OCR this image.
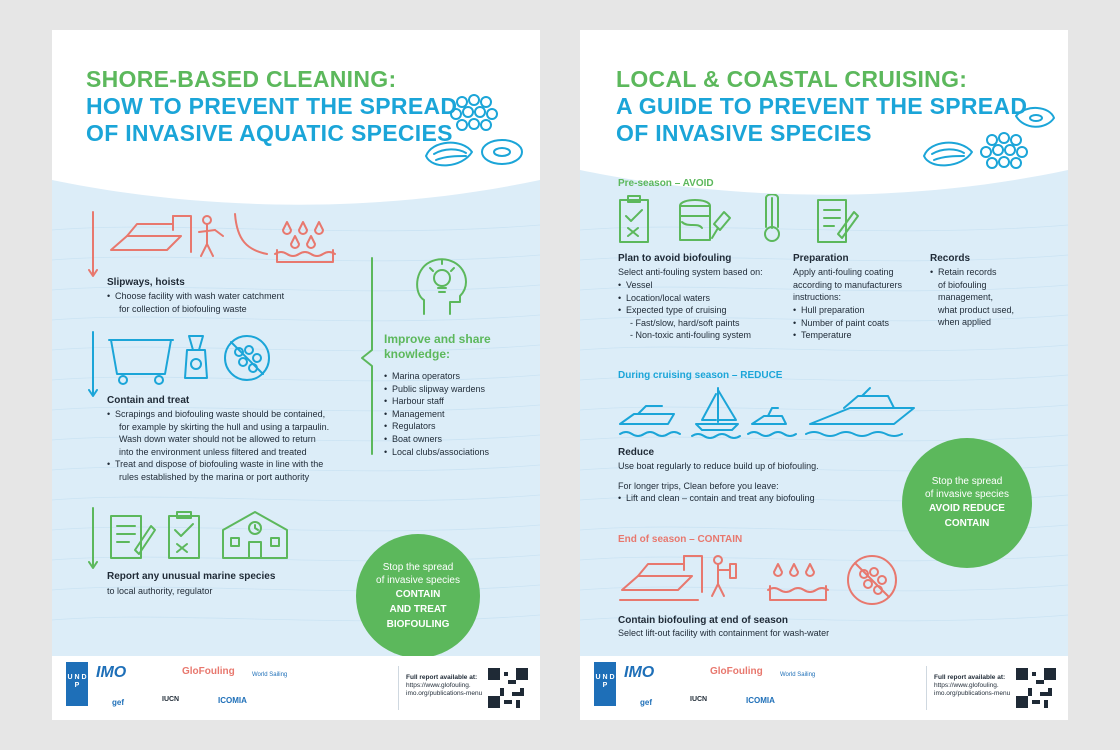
SHORE-BASED CLEANING:
HOW TO PREVENT THE SPREAD
OF INVASIVE AQUATIC SPECIES
Slipways, hoists
• Choose facility with wash water catchment
for collection of biofouling waste
Contain and treat
• Scrapings and biofouling waste should be contained,
for example by skirting the hull and using a tarpaulin.
Wash down water should not be allowed to return
into the environment unless filtered and treated
• Treat and dispose of biofouling waste in line with the
rules established by the marina or port authority
Improve and share
knowledge:
• Marina operators
• Public slipway wardens
• Harbour staff
• Management
• Regulators
• Boat owners
• Local clubs/associations
Report any unusual marine species
to local authority, regulator
Stop the spread
of invasive species
CONTAIN
AND TREAT
BIOFOULING
U N D P
IMO	GloFouling	World Sailing
gef	IUCN	ICOMIA
Full report available at:
https://www.glofouling.
imo.org/publications-menu
LOCAL & COASTAL CRUISING:
A GUIDE TO PREVENT THE SPREAD
OF INVASIVE SPECIES
Pre-season – AVOID
Plan to avoid biofouling
Select anti-fouling system based on:
• Vessel
• Location/local waters
• Expected type of cruising
- Fast/slow, hard/soft paints
- Non-toxic anti-fouling system
Preparation
Apply anti-fouling coating
according to manufacturers
instructions:
• Hull preparation
• Number of paint coats
• Temperature
Records
• Retain records
of biofouling
management,
what product used,
when applied
During cruising season – REDUCE
Reduce
Use boat regularly to reduce build up of biofouling.
For longer trips, Clean before you leave:
• Lift and clean – contain and treat any biofouling
End of season – CONTAIN
Contain biofouling at end of season
Select lift-out facility with containment for wash-water
Stop the spread
of invasive species
AVOID REDUCE
CONTAIN
U N D P
IMO	GloFouling	World Sailing
gef	IUCN	ICOMIA
Full report available at:
https://www.glofouling.
imo.org/publications-menu
